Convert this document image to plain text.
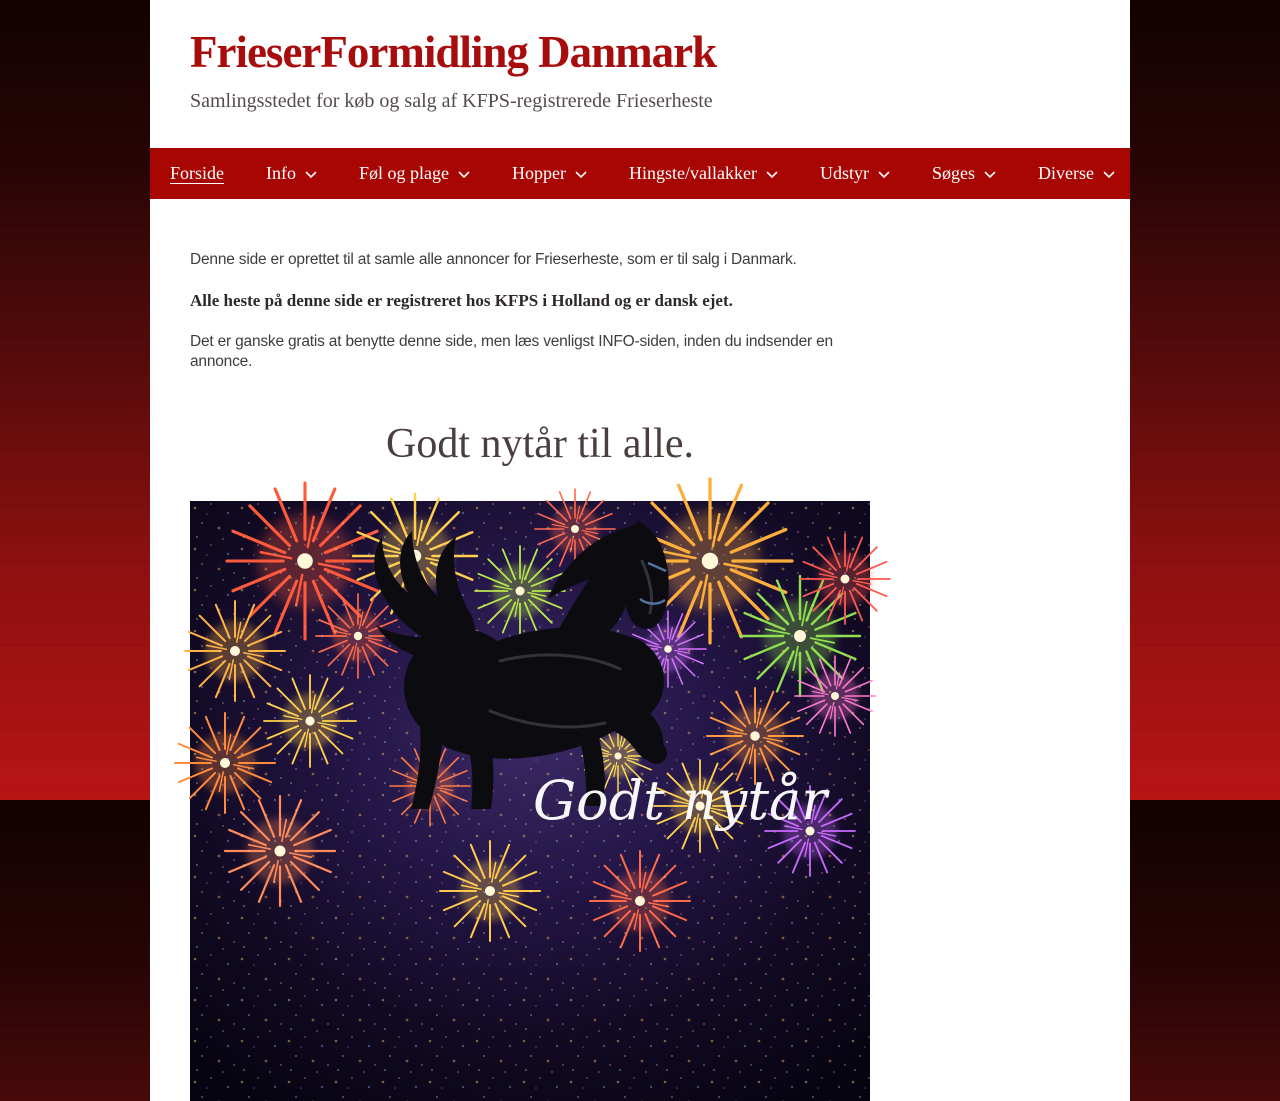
FrieserFormidling Danmark
Samlingsstedet for køb og salg af KFPS-registrerede Frieserheste
Forside Info	Føl og plage	Hopper	Hingste/vallakker	Udstyr	Søges	Diverse

Denne side er oprettet til at samle alle annoncer for Frieserheste, som er til salg i Danmark.

Alle heste på denne side er registreret hos KFPS i Holland og er dansk ejet.

Det er ganske gratis at benytte denne side, men læs venligst INFO-siden, inden du indsender en annonce.

Godt nytår til alle.
Godt nytår
